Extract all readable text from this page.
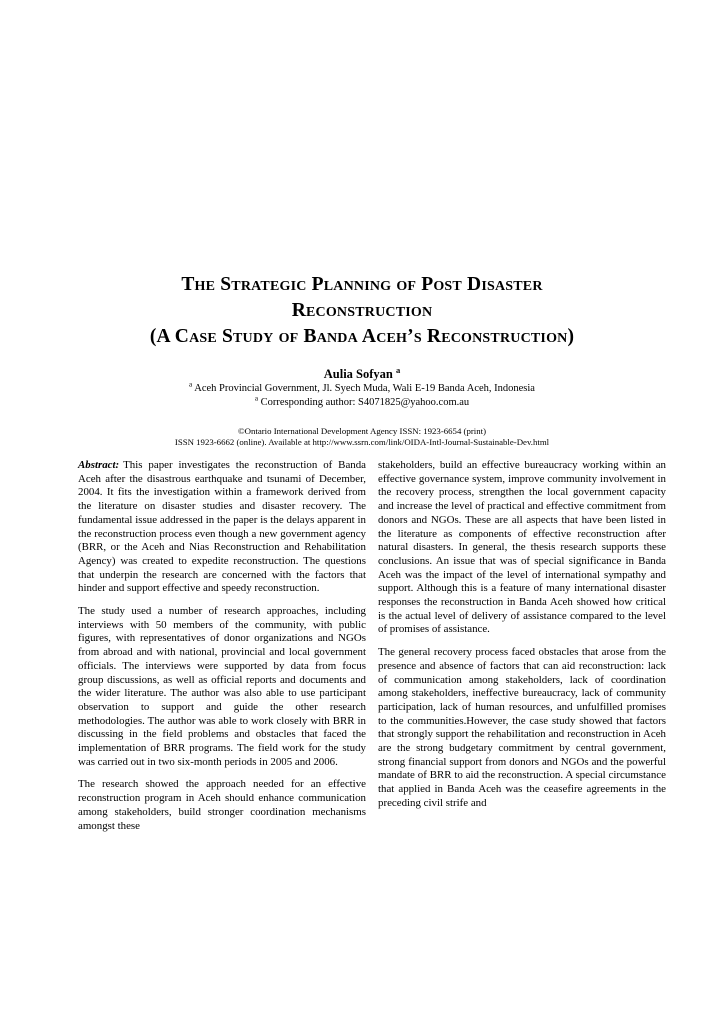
The Strategic Planning of Post Disaster
Reconstruction
(A Case Study of Banda Aceh’s Reconstruction)
Aulia Sofyan $^a$
$^a$ Aceh Provincial Government, Jl. Syech Muda, Wali E-19 Banda Aceh, Indonesia
$^a$ Corresponding author: S4071825@yahoo.com.au
©Ontario International Development Agency ISSN: 1923-6654 (print)
ISSN 1923-6662 (online). Available at http://www.ssrn.com/link/OIDA-Intl-Journal-Sustainable-Dev.html

Abstract: This paper investigates the reconstruction of Banda Aceh after the disastrous earthquake and tsunami of December, 2004. It fits the investigation within a framework derived from the literature on disaster studies and disaster recovery. The fundamental issue addressed in the paper is the delays apparent in the reconstruction process even though a new government agency (BRR, or the Aceh and Nias Reconstruction and Rehabilitation Agency) was created to expedite reconstruction. The questions that underpin the research are concerned with the factors that hinder and support effective and speedy reconstruction.

The study used a number of research approaches, including interviews with 50 members of the community, with public figures, with representatives of donor organizations and NGOs from abroad and with national, provincial and local government officials. The interviews were supported by data from focus group discussions, as well as official reports and documents and the wider literature. The author was also able to use participant observation to support and guide the other research methodologies. The author was able to work closely with BRR in discussing in the field problems and obstacles that faced the implementation of BRR programs. The field work for the study was carried out in two six-month periods in 2005 and 2006.

The research showed the approach needed for an effective reconstruction program in Aceh should enhance communication among stakeholders, build stronger coordination mechanisms amongst these

stakeholders, build an effective bureaucracy working within an effective governance system, improve community involvement in the recovery process, strengthen the local government capacity and increase the level of practical and effective commitment from donors and NGOs. These are all aspects that have been listed in the literature as components of effective reconstruction after natural disasters. In general, the thesis research supports these conclusions. An issue that was of special significance in Banda Aceh was the impact of the level of international sympathy and support. Although this is a feature of many international disaster responses the reconstruction in Banda Aceh showed how critical is the actual level of delivery of assistance compared to the level of promises of assistance.

The general recovery process faced obstacles that arose from the presence and absence of factors that can aid reconstruction: lack of communication among stakeholders, lack of coordination among stakeholders, ineffective bureaucracy, lack of community participation, lack of human resources, and unfulfilled promises to the communities.However, the case study showed that factors that strongly support the rehabilitation and reconstruction in Aceh are the strong budgetary commitment by central government, strong financial support from donors and NGOs and the powerful mandate of BRR to aid the reconstruction. A special circumstance that applied in Banda Aceh was the ceasefire agreements in the preceding civil strife and
